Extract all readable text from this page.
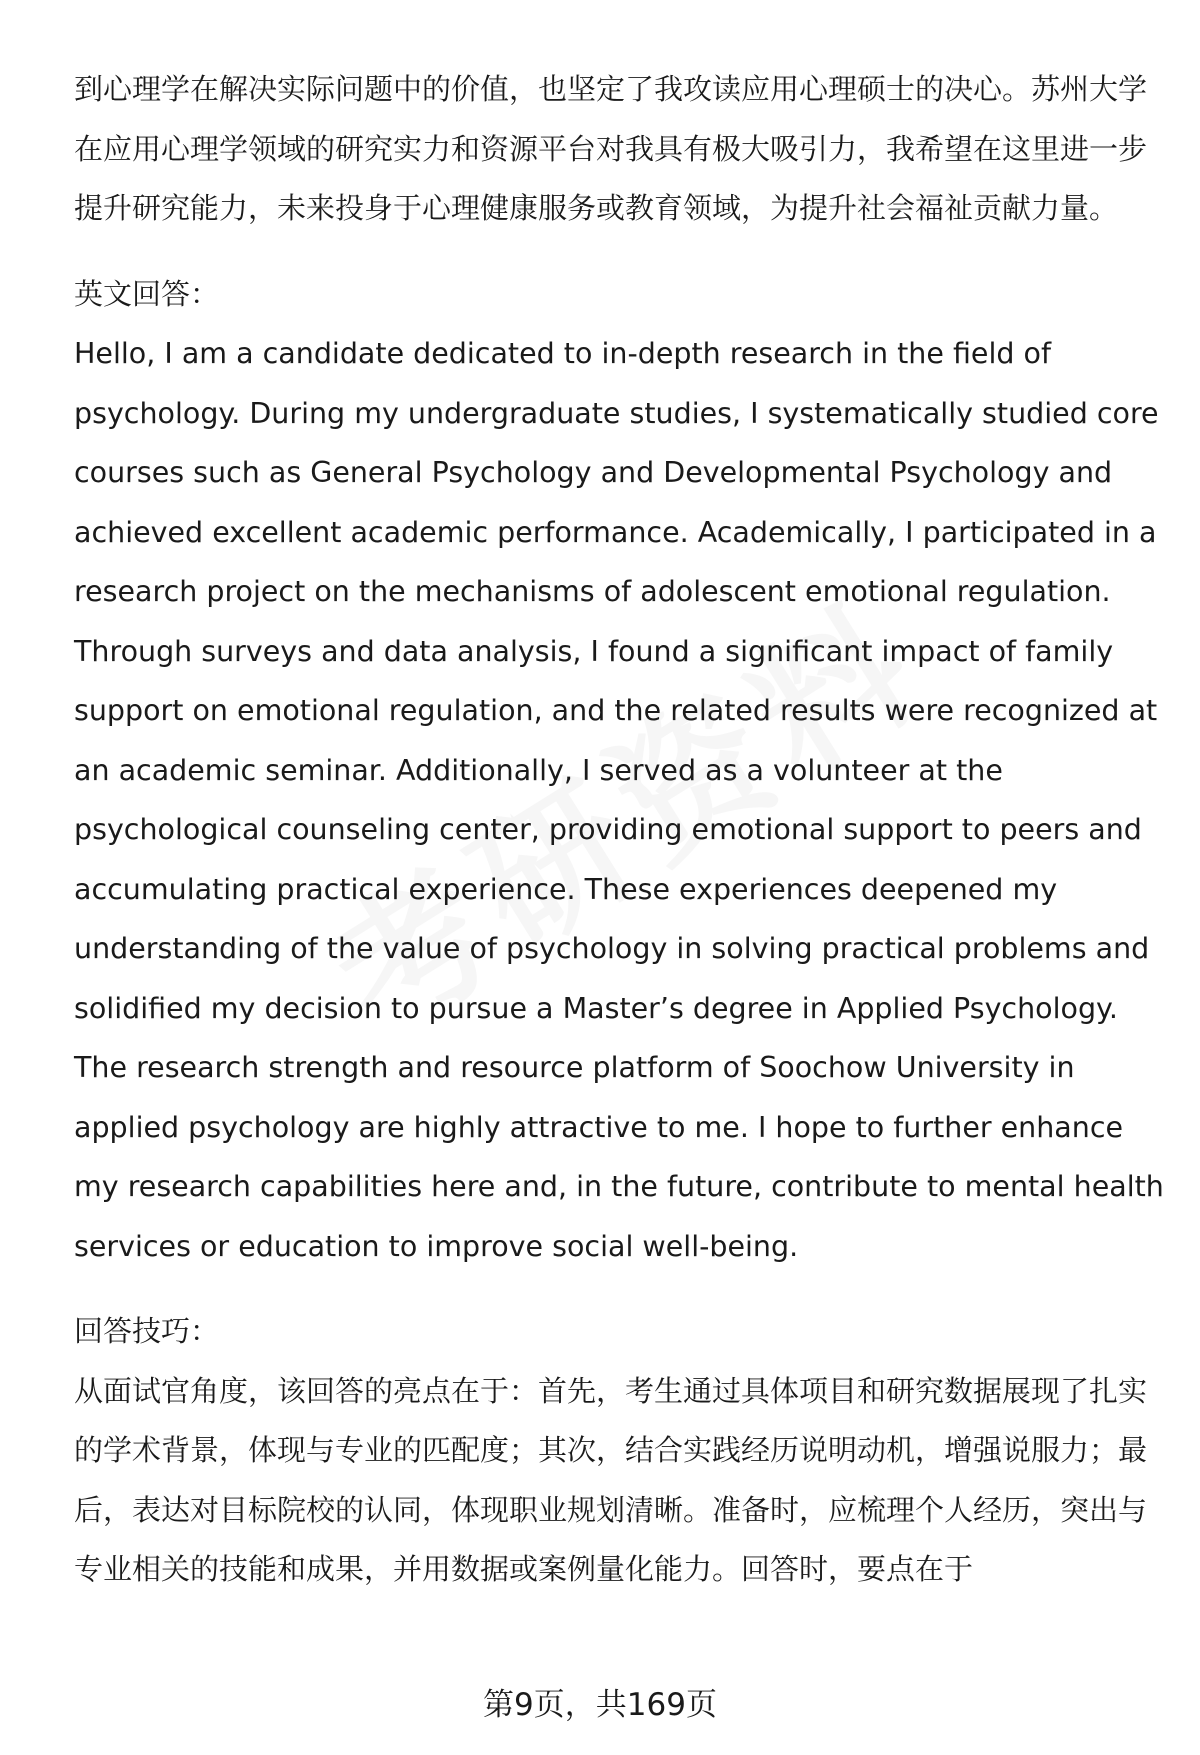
到心理学在解决实际问题中的价值，也坚定了我攻读应用心理硕士的决心。苏州大学在应用心理学领域的研究实力和资源平台对我具有极大吸引力，我希望在这里进一步提升研究能力，未来投身于心理健康服务或教育领域，为提升社会福祉贡献力量。

英文回答：

Hello, I am a candidate dedicated to in-depth research in the field of psychology. During my undergraduate studies, I systematically studied core courses such as General Psychology and Developmental Psychology and achieved excellent academic performance. Academically, I participated in a research project on the mechanisms of adolescent emotional regulation. Through surveys and data analysis, I found a significant impact of family support on emotional regulation, and the related results were recognized at an academic seminar. Additionally, I served as a volunteer at the psychological counseling center, providing emotional support to peers and accumulating practical experience. These experiences deepened my understanding of the value of psychology in solving practical problems and solidified my decision to pursue a Master’s degree in Applied Psychology. The research strength and resource platform of Soochow University in applied psychology are highly attractive to me. I hope to further enhance my research capabilities here and, in the future, contribute to mental health services or education to improve social well-being.

回答技巧：

从面试官角度，该回答的亮点在于：首先，考生通过具体项目和研究数据展现了扎实的学术背景，体现与专业的匹配度；其次，结合实践经历说明动机，增强说服力；最后，表达对目标院校的认同，体现职业规划清晰。准备时，应梳理个人经历，突出与专业相关的技能和成果，并用数据或案例量化能力。回答时，要点在于

第9页，共169页
